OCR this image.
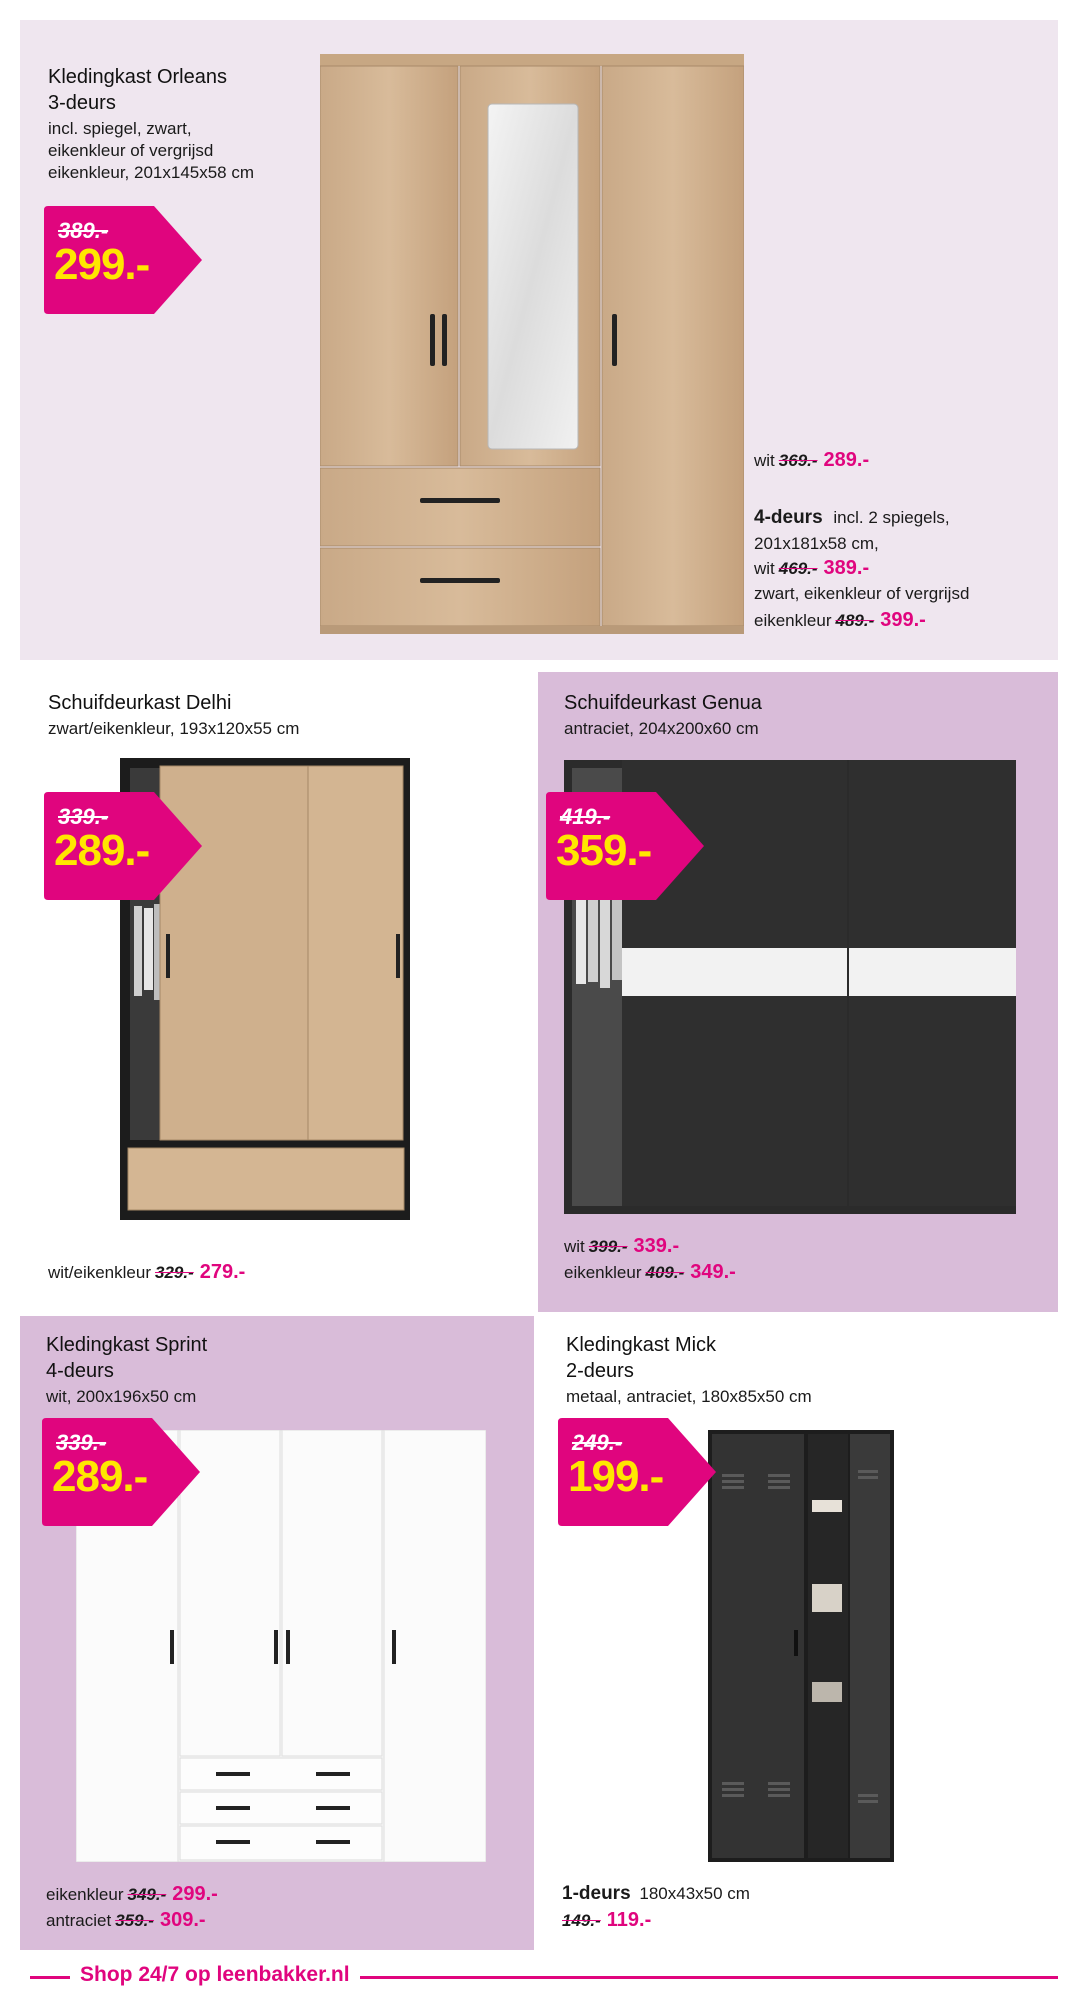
Kledingkast Orleans
3-deurs
incl. spiegel, zwart,
eikenkleur of vergrijsd
eikenkleur, 201x145x58 cm
389.-
299.-
wit 369.- 289.-
4-deurs incl. 2 spiegels,
201x181x58 cm,
wit 469.- 389.-
zwart, eikenkleur of vergrijsd
eikenkleur 489.- 399.-
Schuifdeurkast Delhi
zwart/eikenkleur, 193x120x55 cm
339.-
289.-
wit/eikenkleur 329.- 279.-
Schuifdeurkast Genua
antraciet, 204x200x60 cm
419.-
359.-
wit 399.- 339.-
eikenkleur 409.- 349.-
Kledingkast Sprint
4-deurs
wit, 200x196x50 cm
339.-
289.-
eikenkleur 349.- 299.-
antraciet 359.- 309.-
Kledingkast Mick
2-deurs
metaal, antraciet, 180x85x50 cm
249.-
199.-
1-deurs 180x43x50 cm
149.- 119.-
Shop 24/7 op leenbakker.nl
